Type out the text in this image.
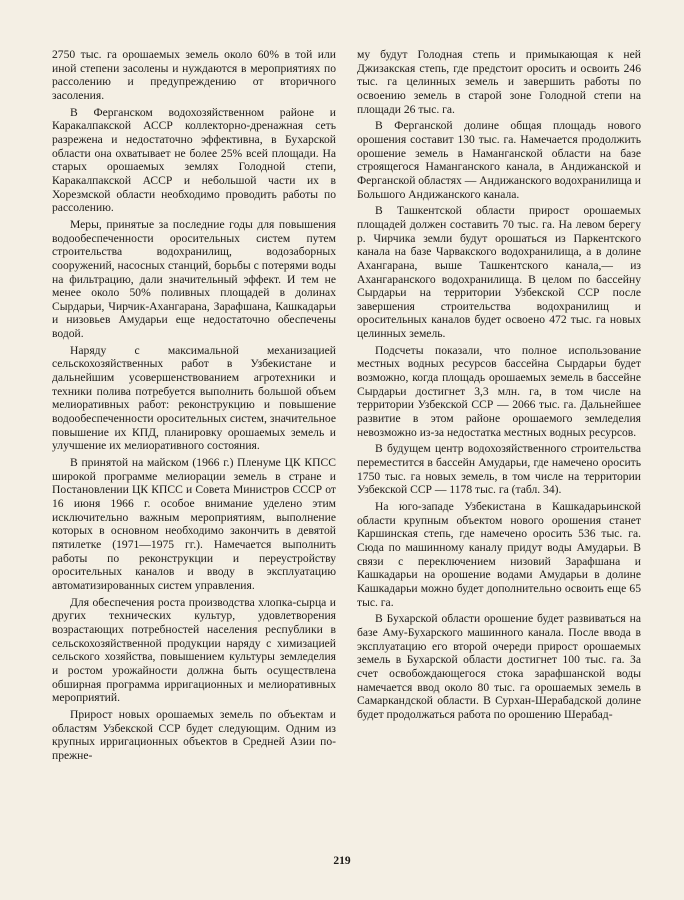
2750 тыс. га орошаемых земель около 60% в той или иной степени засолены и нуждаются в мероприятиях по рассолению и предупреждению от вторичного засоления.

В Ферганском водохозяйственном районе и Каракалпакской АССР коллекторно-дренажная сеть разрежена и недостаточно эффективна, в Бухарской области она охватывает не более 25% всей площади. На старых орошаемых землях Голодной степи, Каракалпакской АССР и небольшой части их в Хорезмской области необходимо проводить работы по рассолению.

Меры, принятые за последние годы для повышения водообеспеченности оросительных систем путем строительства водохранилищ, водозаборных сооружений, насосных станций, борьбы с потерями воды на фильтрацию, дали значительный эффект. И тем не менее около 50% поливных площадей в долинах Сырдарьи, Чирчик-Ахангарана, Зарафшана, Кашкадарьи и низовьев Амударьи еще недостаточно обеспечены водой.

Наряду с максимальной механизацией сельскохозяйственных работ в Узбекистане и дальнейшим усовершенствованием агротехники и техники полива потребуется выполнить большой объем мелиоративных работ: реконструкцию и повышение водообеспеченности оросительных систем, значительное повышение их КПД, планировку орошаемых земель и улучшение их мелиоративного состояния.

В принятой на майском (1966 г.) Пленуме ЦК КПСС широкой программе мелиорации земель в стране и Постановлении ЦК КПСС и Совета Министров СССР от 16 июня 1966 г. особое внимание уделено этим исключительно важным мероприятиям, выполнение которых в основном необходимо закончить в девятой пятилетке (1971—1975 гг.). Намечается выполнить работы по реконструкции и переустройству оросительных каналов и вводу в эксплуатацию автоматизированных систем управления.

Для обеспечения роста производства хлопка-сырца и других технических культур, удовлетворения возрастающих потребностей населения республики в сельскохозяйственной продукции наряду с химизацией сельского хозяйства, повышением культуры земледелия и ростом урожайности должна быть осуществлена обширная программа ирригационных и мелиоративных мероприятий.

Прирост новых орошаемых земель по объектам и областям Узбекской ССР будет следующим. Одним из крупных ирригационных объектов в Средней Азии по-прежне-

му будут Голодная степь и примыкающая к ней Джизакская степь, где предстоит оросить и освоить 246 тыс. га целинных земель и завершить работы по освоению земель в старой зоне Голодной степи на площади 26 тыс. га.

В Ферганской долине общая площадь нового орошения составит 130 тыс. га. Намечается продолжить орошение земель в Наманганской области на базе строящегося Наманганского канала, в Андижанской и Ферганской областях — Андижанского водохранилища и Большого Андижанского канала.

В Ташкентской области прирост орошаемых площадей должен составить 70 тыс. га. На левом берегу р. Чирчика земли будут орошаться из Паркентского канала на базе Чарвакского водохранилища, а в долине Ахангарана, выше Ташкентского канала,— из Ахангаранского водохранилища. В целом по бассейну Сырдарьи на территории Узбекской ССР после завершения строительства водохранилищ и оросительных каналов будет освоено 472 тыс. га новых целинных земель.

Подсчеты показали, что полное использование местных водных ресурсов бассейна Сырдарьи будет возможно, когда площадь орошаемых земель в бассейне Сырдарьи достигнет 3,3 млн. га, в том числе на территории Узбекской ССР — 2066 тыс. га. Дальнейшее развитие в этом районе орошаемого земледелия невозможно из-за недостатка местных водных ресурсов.

В будущем центр водохозяйственного строительства переместится в бассейн Амударьи, где намечено оросить 1750 тыс. га новых земель, в том числе на территории Узбекской ССР — 1178 тыс. га (табл. 34).

На юго-западе Узбекистана в Кашкадарьинской области крупным объектом нового орошения станет Каршинская степь, где намечено оросить 536 тыс. га. Сюда по машинному каналу придут воды Амударьи. В связи с переключением низовий Зарафшана и Кашкадарьи на орошение водами Амударьи в долине Кашкадарьи можно будет дополнительно освоить еще 65 тыс. га.

В Бухарской области орошение будет развиваться на базе Аму-Бухарского машинного канала. После ввода в эксплуатацию его второй очереди прирост орошаемых земель в Бухарской области достигнет 100 тыс. га. За счет освобождающегося стока зарафшанской воды намечается ввод около 80 тыс. га орошаемых земель в Самаркандской области. В Сурхан-Шерабадской долине будет продолжаться работа по орошению Шерабад-

219
